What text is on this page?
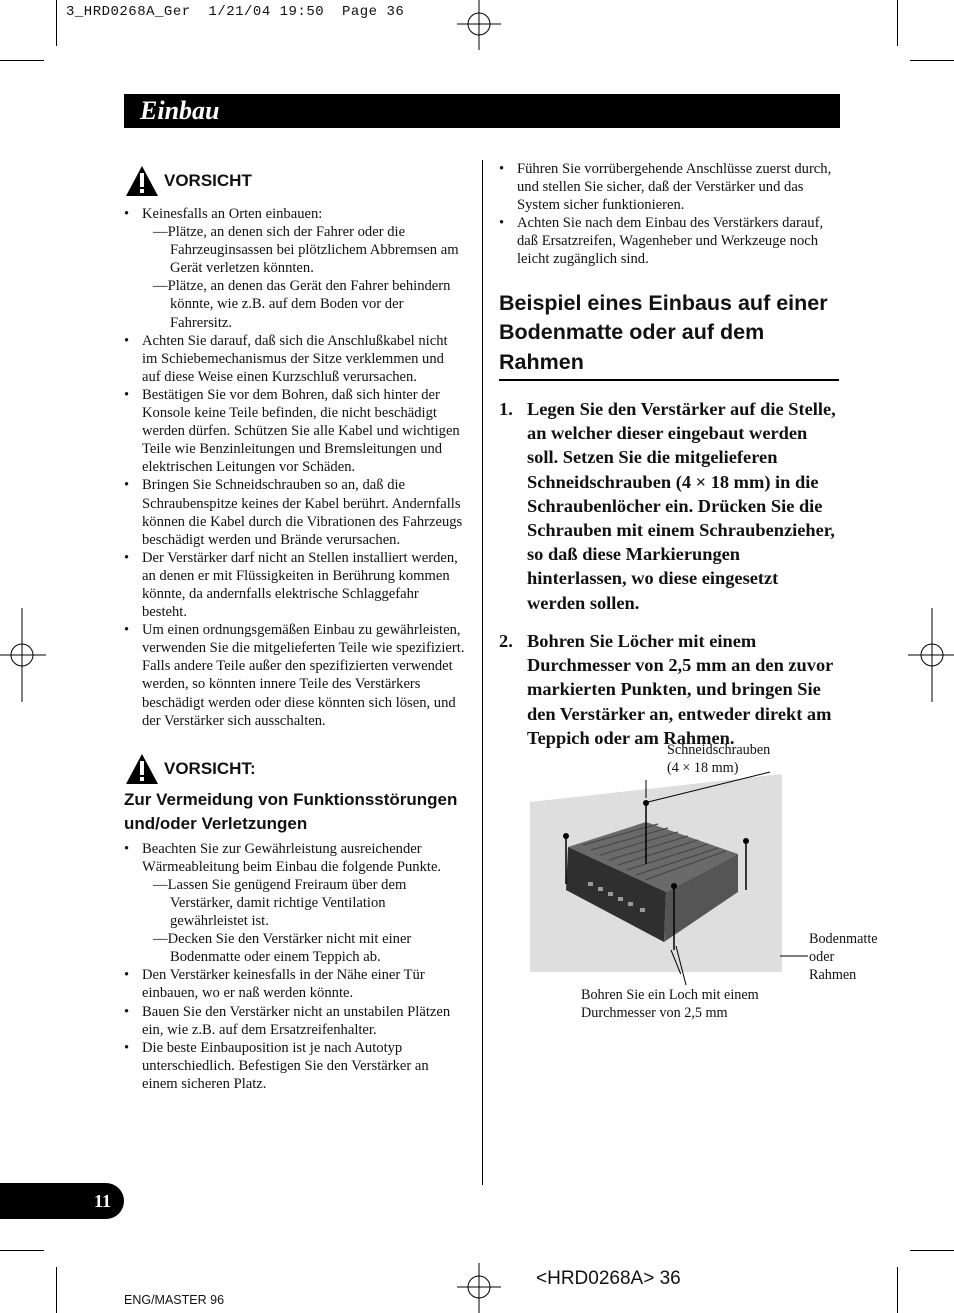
3_HRD0268A_Ger  1/21/04 19:50  Page 36
Einbau
VORSICHT
• Keinesfalls an Orten einbauen:
—Plätze, an denen sich der Fahrer oder die Fahrzeuginsassen bei plötzlichem Abbremsen am Gerät verletzen könnten.
—Plätze, an denen das Gerät den Fahrer behindern könnte, wie z.B. auf dem Boden vor der Fahrersitz.
• Achten Sie darauf, daß sich die Anschlußkabel nicht im Schiebemechanismus der Sitze verklemmen und auf diese Weise einen Kurzschluß verursachen.
• Bestätigen Sie vor dem Bohren, daß sich hinter der Konsole keine Teile befinden, die nicht beschädigt werden dürfen. Schützen Sie alle Kabel und wichtigen Teile wie Benzinleitungen und Bremsleitungen und elektrischen Leitungen vor Schäden.
• Bringen Sie Schneidschrauben so an, daß die Schraubenspitze keines der Kabel berührt. Andernfalls können die Kabel durch die Vibrationen des Fahrzeugs beschädigt werden und Brände verursachen.
• Der Verstärker darf nicht an Stellen installiert werden, an denen er mit Flüssigkeiten in Berührung kommen könnte, da andernfalls elektrische Schlaggefahr besteht.
• Um einen ordnungsgemäßen Einbau zu gewährleisten, verwenden Sie die mitgelieferten Teile wie spezifiziert. Falls andere Teile außer den spezifizierten verwendet werden, so könnten innere Teile des Verstärkers beschädigt werden oder diese könnten sich lösen, und der Verstärker sich ausschalten.
VORSICHT:
Zur Vermeidung von Funktionsstörungen und/oder Verletzungen
• Beachten Sie zur Gewährleistung ausreichender Wärmeableitung beim Einbau die folgende Punkte.
—Lassen Sie genügend Freiraum über dem Verstärker, damit richtige Ventilation gewährleistet ist.
—Decken Sie den Verstärker nicht mit einer Bodenmatte oder einem Teppich ab.
• Den Verstärker keinesfalls in der Nähe einer Tür einbauen, wo er naß werden könnte.
• Bauen Sie den Verstärker nicht an unstabilen Plätzen ein, wie z.B. auf dem Ersatzreifenhalter.
• Die beste Einbauposition ist je nach Autotyp unterschiedlich. Befestigen Sie den Verstärker an einem sicheren Platz.
• Führen Sie vorrübergehende Anschlüsse zuerst durch, und stellen Sie sicher, daß der Verstärker und das System sicher funktionieren.
• Achten Sie nach dem Einbau des Verstärkers darauf, daß Ersatzreifen, Wagenheber und Werkzeuge noch leicht zugänglich sind.
Beispiel eines Einbaus auf einer Bodenmatte oder auf dem Rahmen
1. Legen Sie den Verstärker auf die Stelle, an welcher dieser eingebaut werden soll. Setzen Sie die mitgelieferen Schneidschrauben (4 × 18 mm) in die Schraubenlöcher ein. Drücken Sie die Schrauben mit einem Schraubenzieher, so daß diese Markierungen hinterlassen, wo diese eingesetzt werden sollen.
2. Bohren Sie Löcher mit einem Durchmesser von 2,5 mm an den zuvor markierten Punkten, und bringen Sie den Verstärker an, entweder direkt am Teppich oder am Rahmen.
Schneidschrauben
(4 × 18 mm)
Bodenmatte
oder
Rahmen
Bohren Sie ein Loch mit einem
Durchmesser von 2,5 mm
11
ENG/MASTER 96
<HRD0268A> 36
